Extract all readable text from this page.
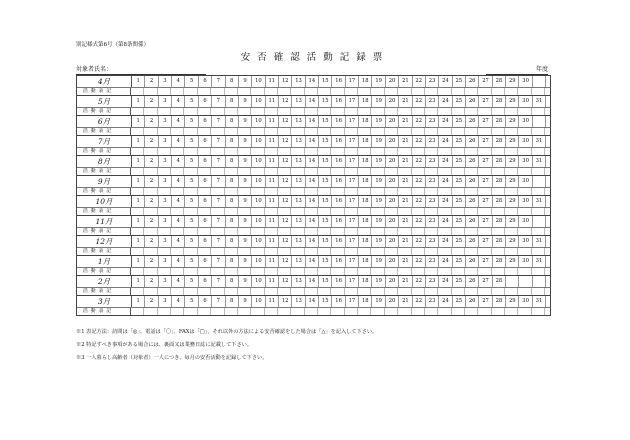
別記様式第6号（第8条関係）
安否確認活動記録票
対象者氏名：	年度
4月	1	2	3	4	5	6	7	8	9	10	11	12	13	14	15	16	17	18	19	20	21	22	23	24	25	26	27	28	29	30
活動表記
5月	1	2	3	4	5	6	7	8	9	10	11	12	13	14	15	16	17	18	19	20	21	22	23	24	25	26	27	28	29	30	31
活動表記
6月	1	2	3	4	5	6	7	8	9	10	11	12	13	14	15	16	17	18	19	20	21	22	23	24	25	26	27	28	29	30
活動表記
7月	1	2	3	4	5	6	7	8	9	10	11	12	13	14	15	16	17	18	19	20	21	22	23	24	25	26	27	28	29	30	31
活動表記
8月	1	2	3	4	5	6	7	8	9	10	11	12	13	14	15	16	17	18	19	20	21	22	23	24	25	26	27	28	29	30	31
活動表記
9月	1	2	3	4	5	6	7	8	9	10	11	12	13	14	15	16	17	18	19	20	21	22	23	24	25	26	27	28	29	30
活動表記
10月	1	2	3	4	5	6	7	8	9	10	11	12	13	14	15	16	17	18	19	20	21	22	23	24	25	26	27	28	29	30	31
活動表記
11月	1	2	3	4	5	6	7	8	9	10	11	12	13	14	15	16	17	18	19	20	21	22	23	24	25	26	27	28	29	30
活動表記
12月	1	2	3	4	5	6	7	8	9	10	11	12	13	14	15	16	17	18	19	20	21	22	23	24	25	26	27	28	29	30	31
活動表記
1月	1	2	3	4	5	6	7	8	9	10	11	12	13	14	15	16	17	18	19	20	21	22	23	24	25	26	27	28	29	30	31
活動表記
2月	1	2	3	4	5	6	7	8	9	10	11	12	13	14	15	16	17	18	19	20	21	22	23	24	25	26	27	28
活動表記
3月	1	2	3	4	5	6	7	8	9	10	11	12	13	14	15	16	17	18	19	20	21	22	23	24	25	26	27	28	29	30	31
活動表記
※1 表記方法：訪問は「◎」、電話は「〇」、FAXは「□」、それ以外の方法による安否確認をした場合は「△」を記入して下さい。
※2 特記すべき事項がある場合には、裏面又は業務日誌に記載して下さい。
※3 一人暮らし高齢者（対象者）一人につき、毎月の安否活動を記録して下さい。
